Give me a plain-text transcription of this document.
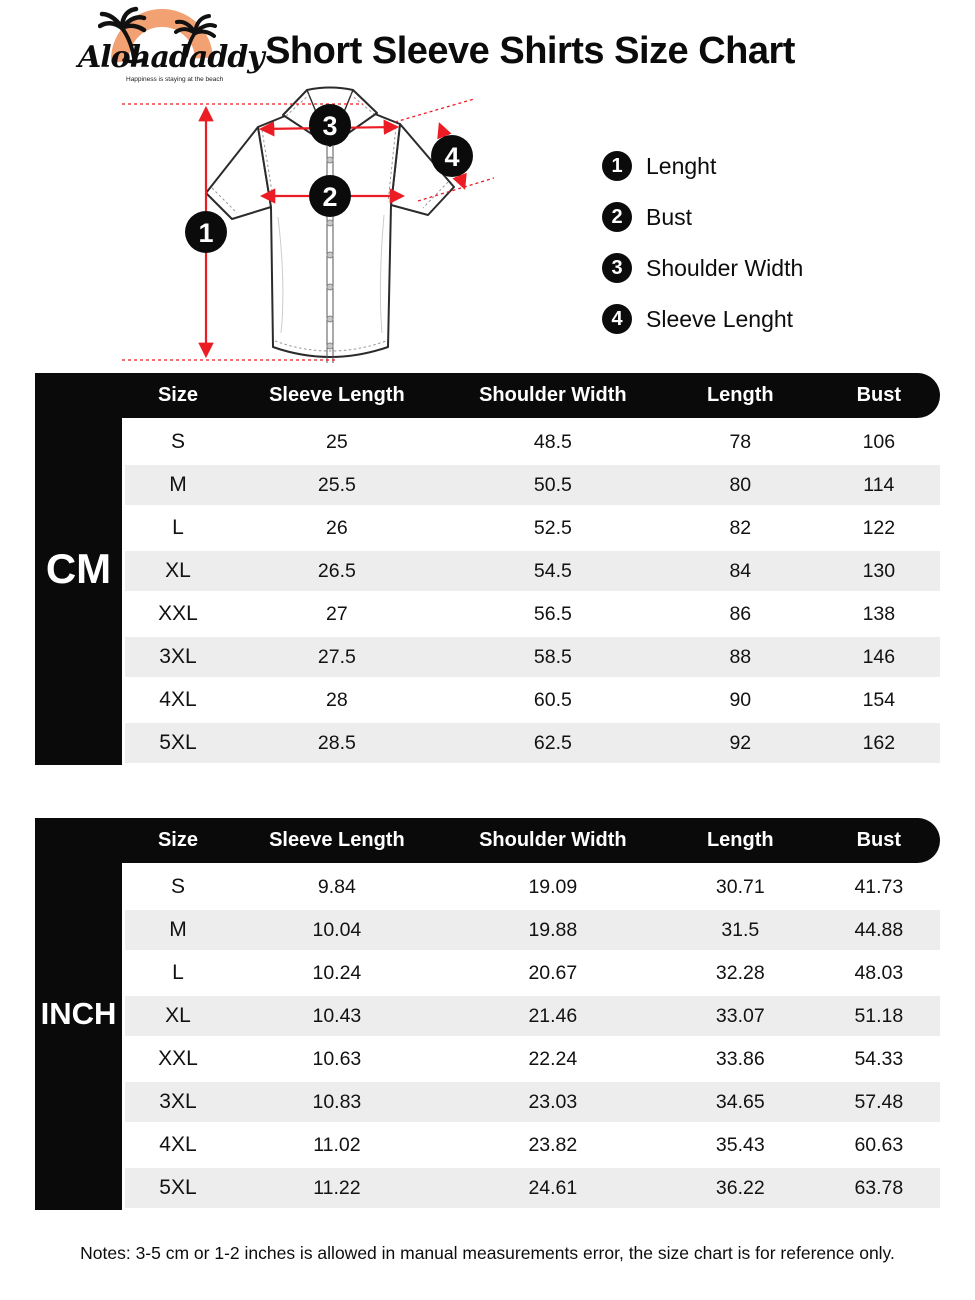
Alohadaddy
Happiness is staying at the beach
Short Sleeve Shirts Size Chart
1
2
3
4	1	Lenght
2	Bust
3	Shoulder Width
4	Sleeve Lenght
CM
Size	Sleeve Length	Shoulder Width	Length	Bust
S	25	48.5	78	106
M	25.5	50.5	80	114
L	26	52.5	82	122
XL	26.5	54.5	84	130
XXL	27	56.5	86	138
3XL	27.5	58.5	88	146
4XL	28	60.5	90	154
5XL	28.5	62.5	92	162
INCH
Size	Sleeve Length	Shoulder Width	Length	Bust
S	9.84	19.09	30.71	41.73
M	10.04	19.88	31.5	44.88
L	10.24	20.67	32.28	48.03
XL	10.43	21.46	33.07	51.18
XXL	10.63	22.24	33.86	54.33
3XL	10.83	23.03	34.65	57.48
4XL	11.02	23.82	35.43	60.63
5XL	11.22	24.61	36.22	63.78
Notes: 3-5 cm or 1-2 inches is allowed in manual measurements error, the size chart is for reference only.
